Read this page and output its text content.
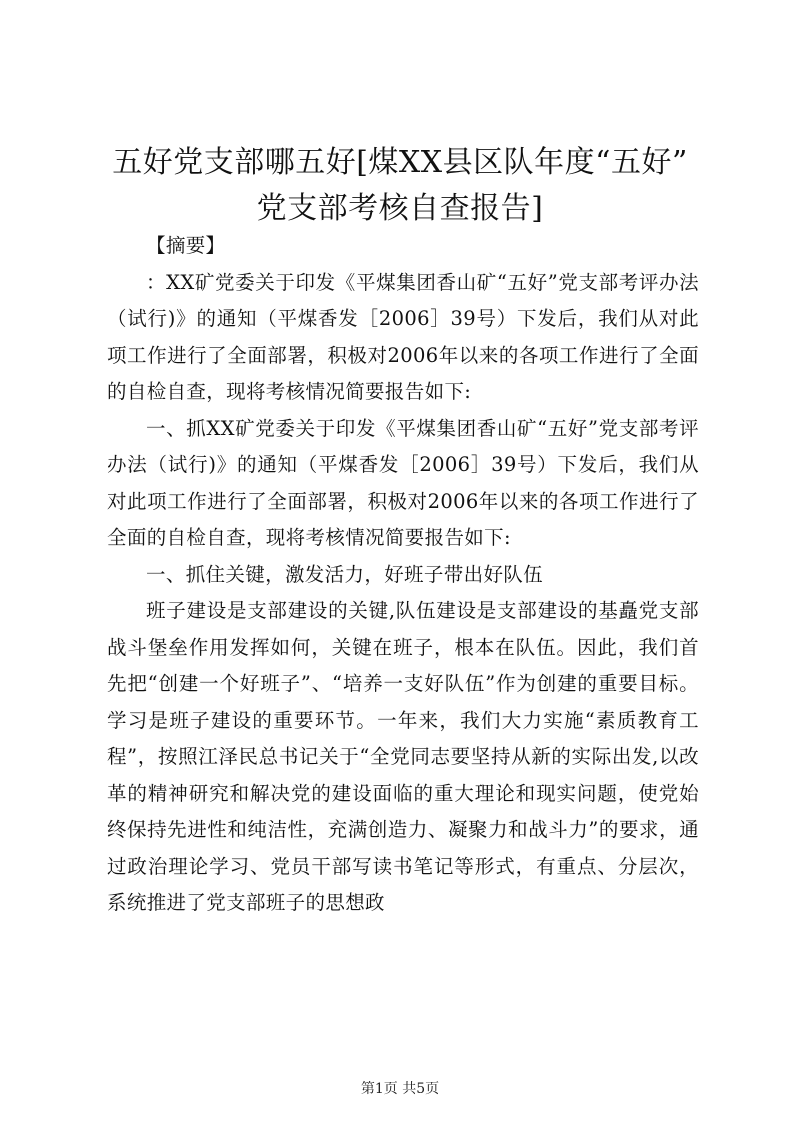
五好党支部哪五好[煤XX县区队年度“五好”
党支部考核自查报告]

【摘要】

：XX矿党委关于印发《平煤集团香山矿“五好”党支部考评办法（试行)》的通知（平煤香发［2006］39号）下发后，我们从对此项工作进行了全面部署，积极对2006年以来的各项工作进行了全面的自检自查，现将考核情况简要报告如下:

一、抓XX矿党委关于印发《平煤集团香山矿“五好”党支部考评办法（试行)》的通知（平煤香发［2006］39号）下发后，我们从对此项工作进行了全面部署，积极对2006年以来的各项工作进行了全面的自检自查，现将考核情况简要报告如下:

一、抓住关键，激发活力，好班子带出好队伍

班子建设是支部建设的关键,队伍建设是支部建设的基矗党支部战斗堡垒作用发挥如何，关键在班子，根本在队伍。因此，我们首先把“创建一个好班子”、“培养一支好队伍”作为创建的重要目标。学习是班子建设的重要环节。一年来，我们大力实施“素质教育工程”，按照江泽民总书记关于“全党同志要坚持从新的实际出发,以改革的精神研究和解决党的建设面临的重大理论和现实问题，使党始终保持先进性和纯洁性，充满创造力、凝聚力和战斗力”的要求，通过政治理论学习、党员干部写读书笔记等形式，有重点、分层次，系统推进了党支部班子的思想政

第1页 共5页
